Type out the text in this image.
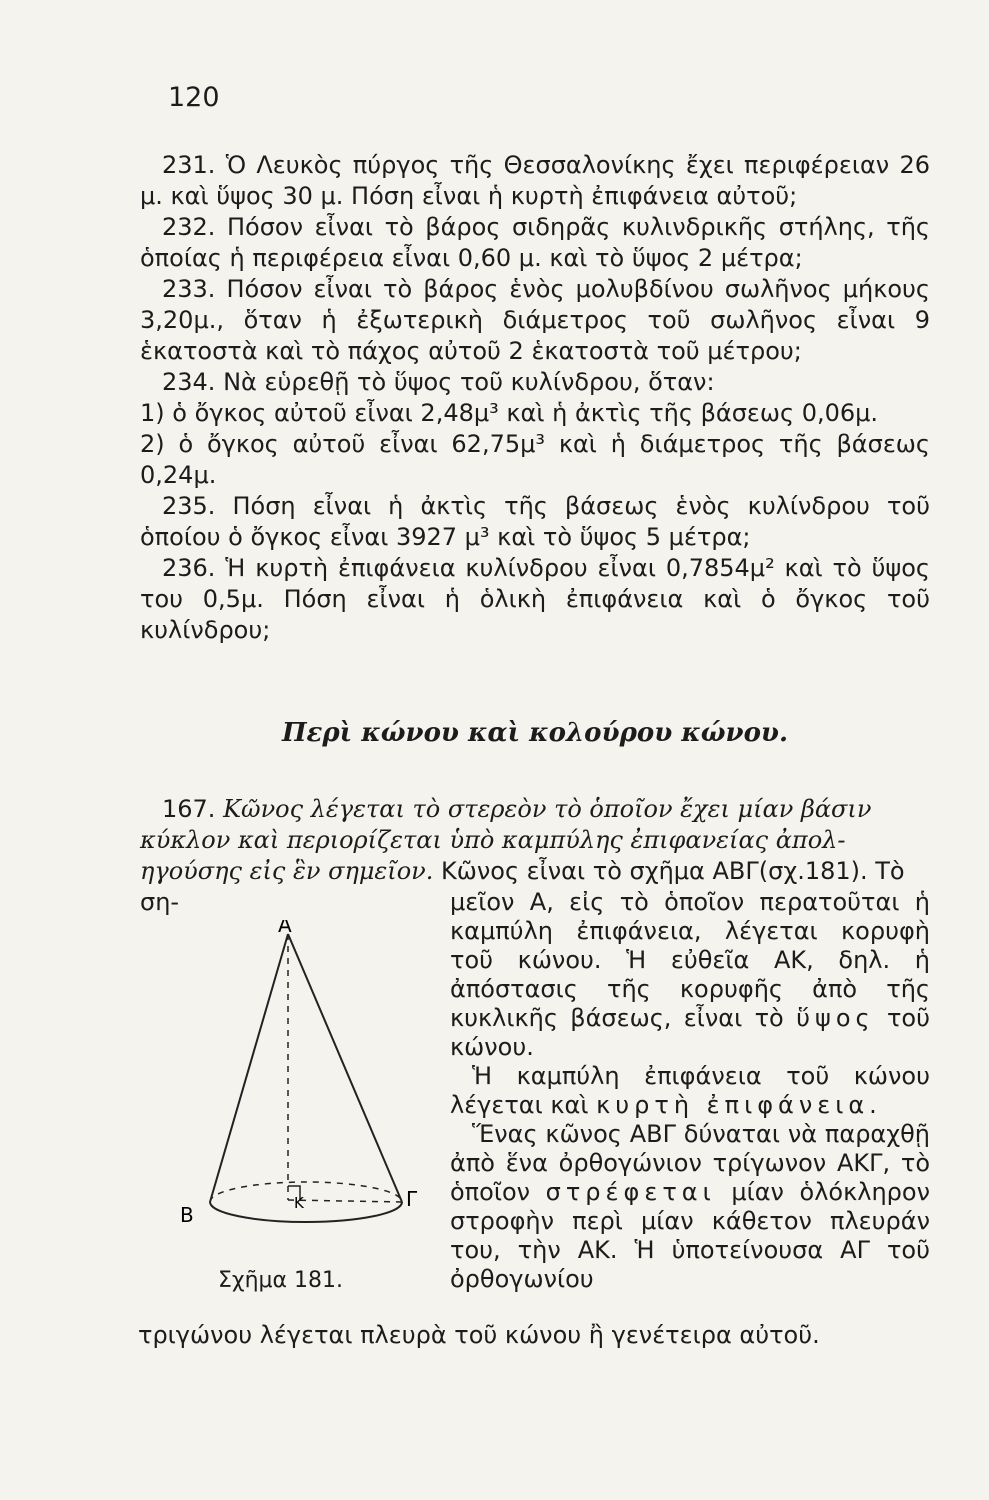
120

231. Ὁ Λευκὸς πύργος τῆς Θεσσαλονίκης ἔχει περιφέρειαν 26 μ. καὶ ὕψος 30 μ. Πόση εἶναι ἡ κυρτὴ ἐπιφάνεια αὐτοῦ;

232. Πόσον εἶναι τὸ βάρος σιδηρᾶς κυλινδρικῆς στήλης, τῆς ὁποίας ἡ περιφέρεια εἶναι 0,60 μ. καὶ τὸ ὕψος 2 μέτρα;

233. Πόσον εἶναι τὸ βάρος ἑνὸς μολυβδίνου σωλῆνος μήκους 3,20μ., ὅταν ἡ ἐξωτερικὴ διάμετρος τοῦ σωλῆνος εἶναι 9 ἑκατοστὰ καὶ τὸ πάχος αὐτοῦ 2 ἑκατοστὰ τοῦ μέτρου;

234. Νὰ εὑρεθῇ τὸ ὕψος τοῦ κυλίνδρου, ὅταν:

1) ὁ ὄγκος αὐτοῦ εἶναι 2,48μ³ καὶ ἡ ἀκτὶς τῆς βάσεως 0,06μ.

2) ὁ ὄγκος αὐτοῦ εἶναι 62,75μ³ καὶ ἡ διάμετρος τῆς βάσεως 0,24μ.

235. Πόση εἶναι ἡ ἀκτὶς τῆς βάσεως ἑνὸς κυλίνδρου τοῦ ὁποίου ὁ ὄγκος εἶναι 3927 μ³ καὶ τὸ ὕψος 5 μέτρα;

236. Ἡ κυρτὴ ἐπιφάνεια κυλίνδρου εἶναι 0,7854μ² καὶ τὸ ὕψος του 0,5μ. Πόση εἶναι ἡ ὁλικὴ ἐπιφάνεια καὶ ὁ ὄγκος τοῦ κυλίνδρου;

Περὶ κώνου καὶ κολούρου κώνου.
167. Κῶνος λέγεται τὸ στερεὸν τὸ ὁποῖον ἔχει μίαν βάσιν κύκλον καὶ περιορίζεται ὑπὸ καμπύλης ἐπιφανείας ἀποληγούσης εἰς ἓν σημεῖον. Κῶνος εἶναι τὸ σχῆμα ΑΒΓ(σχ.181). Τὸ ση-	μεῖον Α, εἰς τὸ ὁποῖον περατοῦται ἡ καμπύλη ἐπιφάνεια, λέγεται κορυφὴ τοῦ κώνου. Ἡ εὐθεῖα ΑΚ, δηλ. ἡ ἀπόστασις τῆς κορυφῆς ἀπὸ τῆς κυκλικῆς βάσεως, εἶναι τὸ ὕψος τοῦ κώνου.

Ἡ καμπύλη ἐπιφάνεια τοῦ κώνου λέγεται καὶ κυρτὴ ἐπιφάνεια.

Ἕνας κῶνος ΑΒΓ δύναται νὰ παραχθῇ ἀπὸ ἕνα ὀρθογώνιον τρίγωνον ΑΚΓ, τὸ ὁποῖον στρέφεται μίαν ὁλόκληρον στροφὴν περὶ μίαν κάθετον πλευράν του, τὴν ΑΚ. Ἡ ὑποτείνουσα ΑΓ τοῦ ὀρθογωνίου

A
B
Γ
K
Σχῆμα 181.
τριγώνου λέγεται πλευρὰ τοῦ κώνου ἢ γενέτειρα αὐτοῦ.
